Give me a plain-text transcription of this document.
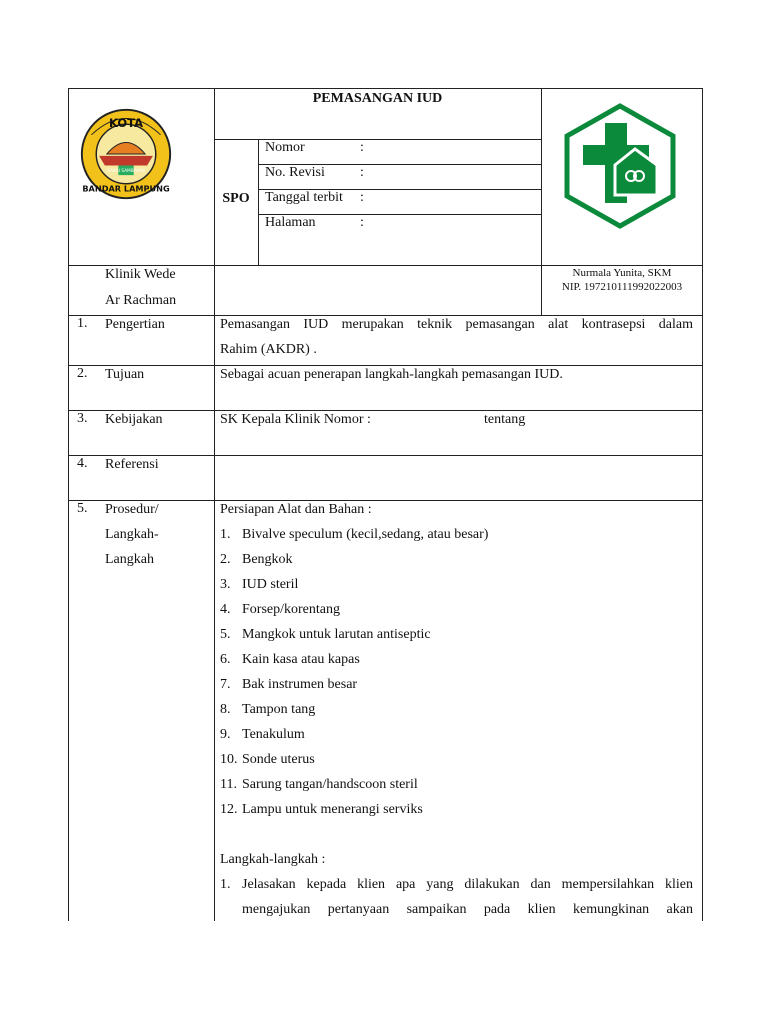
KOTA
SAKAI SAMBAYAN
BANDAR LAMPUNG
PEMASANGAN IUD
SPO
Nomor	:
No. Revisi	:
Tanggal terbit :
Halaman	:
Klinik Wede
Ar Rachman
Nurmala Yunita, SKM
NIP. 197210111992022003
1. Pengertian	Pemasangan IUD merupakan teknik pemasangan alat kontrasepsi dalam
Rahim (AKDR) .
2. Tujuan	Sebagai acuan penerapan langkah-langkah pemasangan IUD.
3. Kebijakan	SK Kepala Klinik Nomor :	tentang
4. Referensi
5. Prosedur/
Langkah-
Langkah
Persiapan Alat dan Bahan :
1. Bivalve speculum (kecil,sedang, atau besar)
2. Bengkok
3. IUD steril
4. Forsep/korentang
5. Mangkok untuk larutan antiseptic
6. Kain kasa atau kapas
7. Bak instrumen besar
8. Tampon tang
9. Tenakulum
10. Sonde uterus
11. Sarung tangan/handscoon steril
12. Lampu untuk menerangi serviks
Langkah-langkah :
1. Jelasakan kepada klien apa yang dilakukan dan mempersilahkan klien
mengajukan pertanyaan sampaikan pada klien kemungkinan akan
